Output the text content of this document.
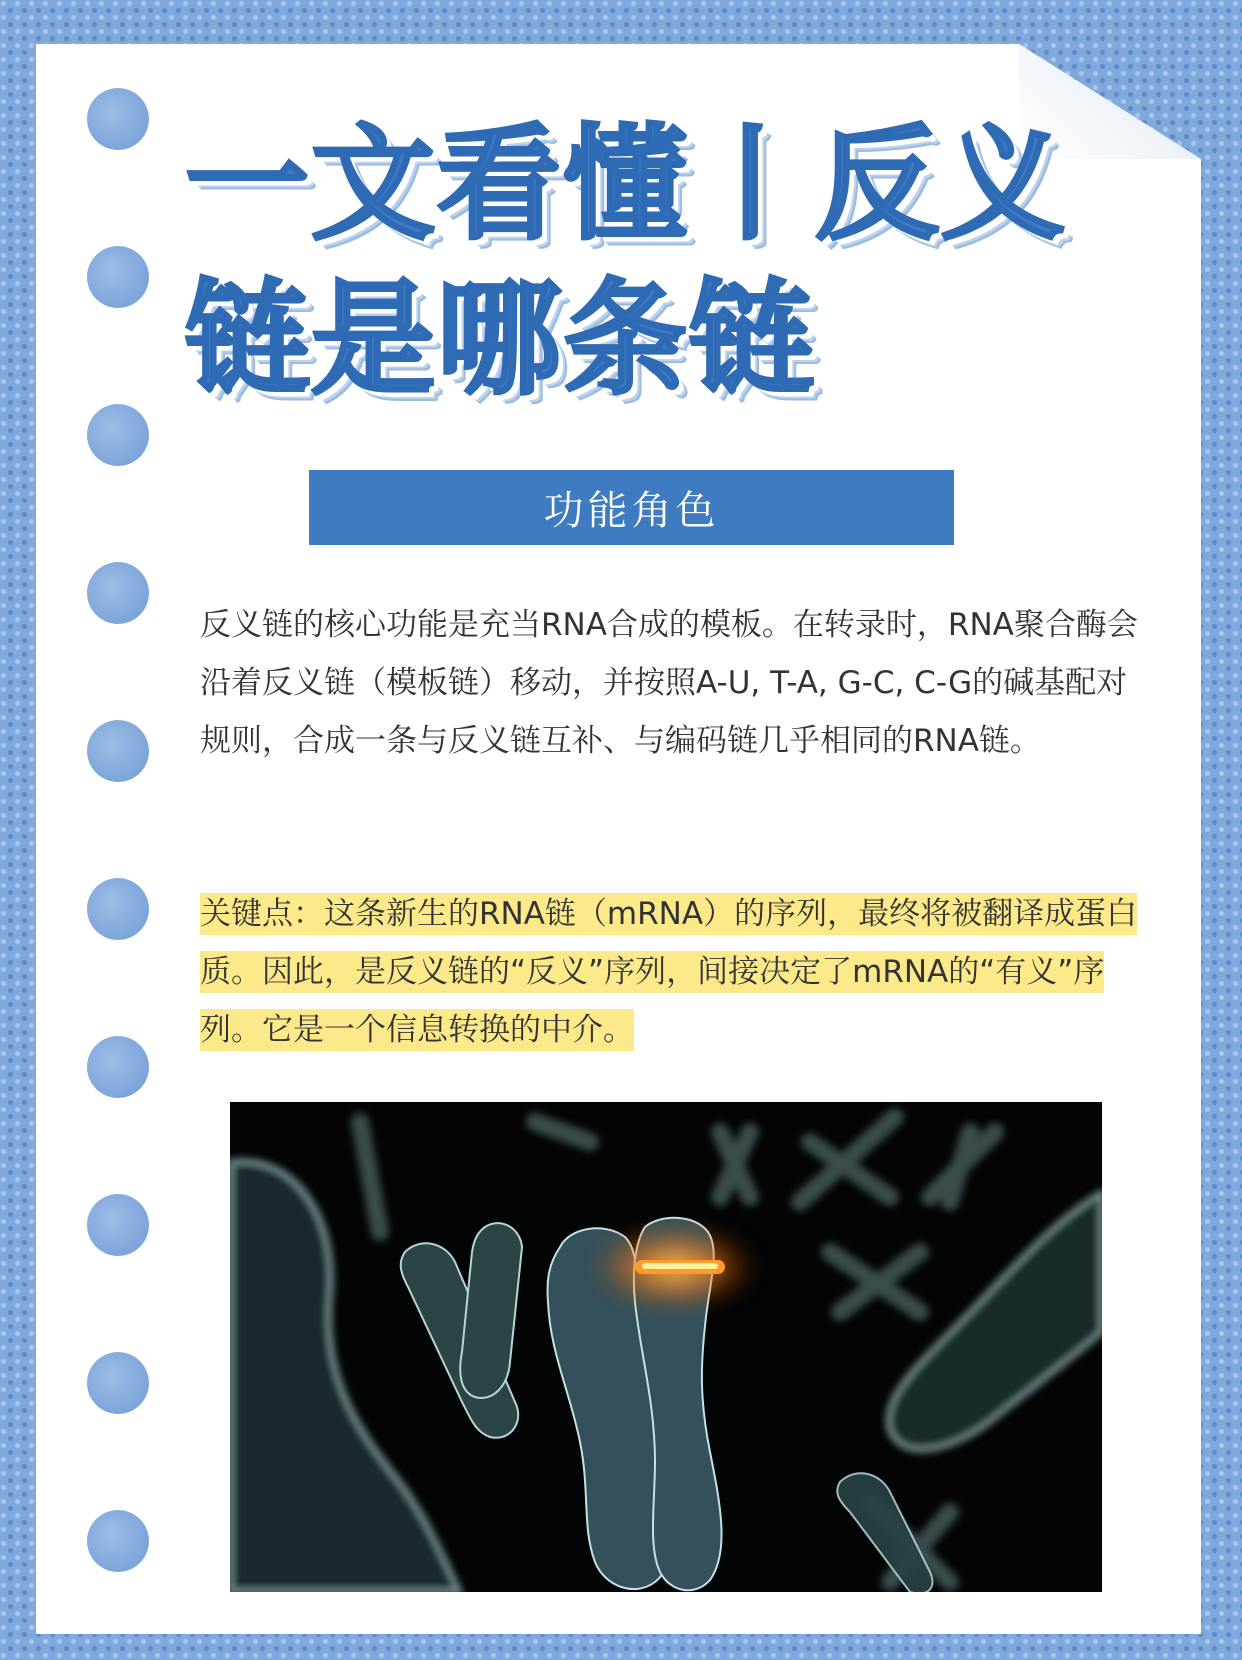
一文看懂丨反义链是哪条链
功能角色

反义链的核心功能是充当RNA合成的模板。在转录时，RNA聚合酶会沿着反义链（模板链）移动，并按照A-U, T-A, G-C, C-G的碱基配对规则，合成一条与反义链互补、与编码链几乎相同的RNA链。

关键点：这条新生的RNA链（mRNA）的序列，最终将被翻译成蛋白质。因此，是反义链的“反义”序列，间接决定了mRNA的“有义”序列。它是一个信息转换的中介。
